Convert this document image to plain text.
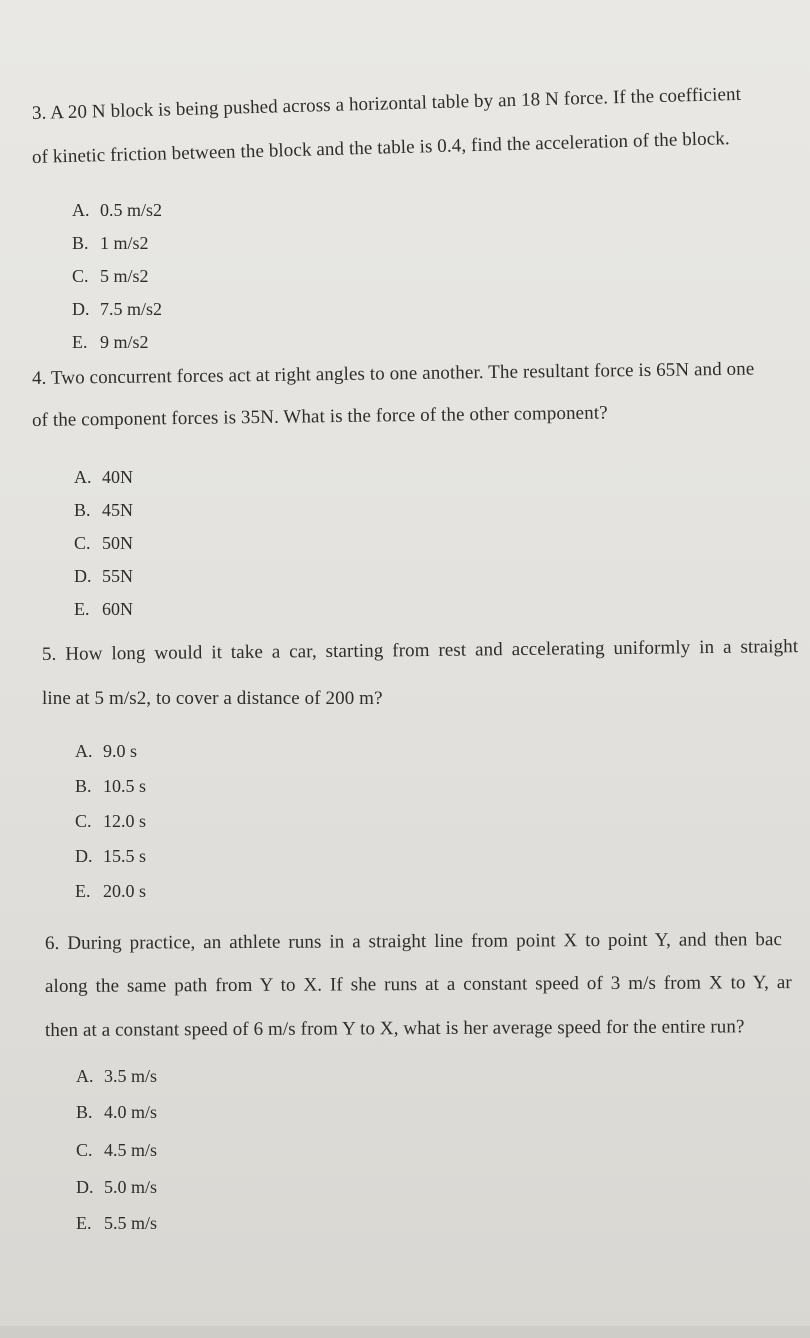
3. A 20 N block is being pushed across a horizontal table by an 18 N force. If the coefficient
of kinetic friction between the block and the table is 0.4, find the acceleration of the block.
A. 0.5 m/s2
B. 1 m/s2
C. 5 m/s2
D. 7.5 m/s2
E. 9 m/s2
4. Two concurrent forces act at right angles to one another. The resultant force is 65N and one
of the component forces is 35N. What is the force of the other component?
A. 40N
B. 45N
C. 50N
D. 55N
E. 60N
5. How long would it take a car, starting from rest and accelerating uniformly in a straight
line at 5 m/s2, to cover a distance of 200 m?
A. 9.0 s
B. 10.5 s
C. 12.0 s
D. 15.5 s
E. 20.0 s
6. During practice, an athlete runs in a straight line from point X to point Y, and then bac
along the same path from Y to X. If she runs at a constant speed of 3 m/s from X to Y, ar
then at a constant speed of 6 m/s from Y to X, what is her average speed for the entire run?
A. 3.5 m/s
B. 4.0 m/s
C. 4.5 m/s
D. 5.0 m/s
E. 5.5 m/s
